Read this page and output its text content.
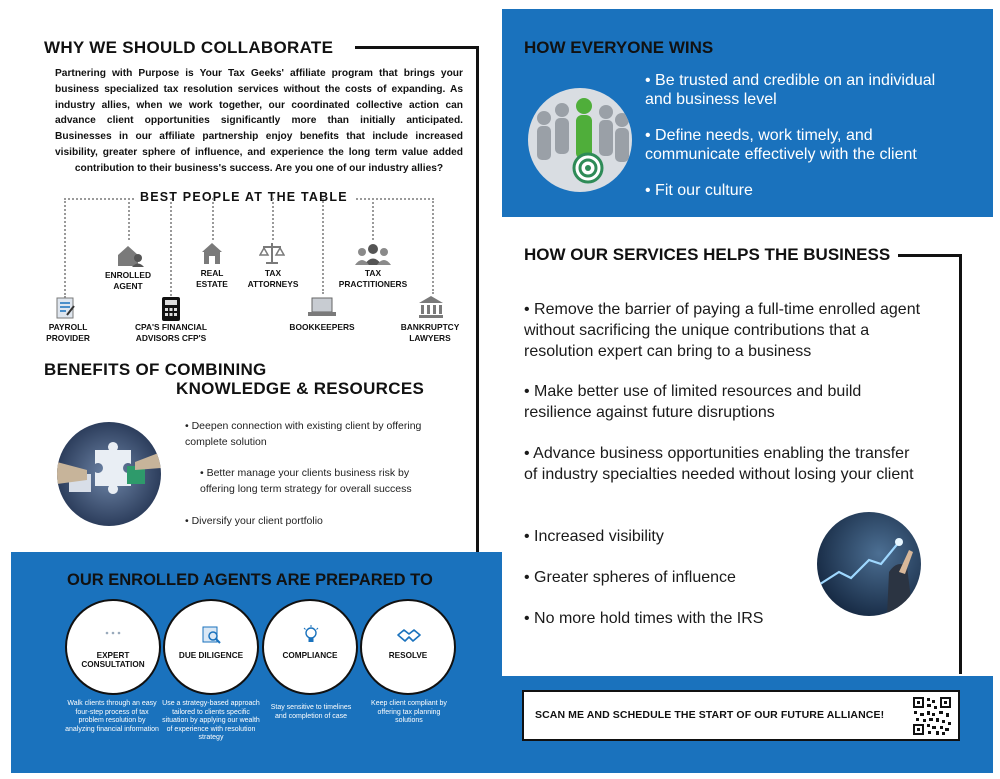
WHY WE SHOULD COLLABORATE
Partnering with Purpose is Your Tax Geeks' affiliate program that brings your business specialized tax resolution services without the costs of expanding. As industry allies, when we work together, our coordinated collective action can advance client opportunities significantly more than initially anticipated. Businesses in our affiliate partnership enjoy benefits that include increased visibility, greater sphere of influence, and experience the long term value added contribution to their business's success. Are you one of our industry allies?
BEST PEOPLE AT THE TABLE
ENROLLED AGENT
REAL ESTATE
TAX ATTORNEYS
TAX PRACTITIONERS
PAYROLL PROVIDER
CPA'S FINANCIAL ADVISORS CFP'S
BOOKKEEPERS	BANKRUPTCY LAWYERS
BENEFITS OF COMBINING
KNOWLEDGE & RESOURCES
• Deepen connection with existing client by offering complete solution
• Better manage your clients business risk by offering long term strategy for overall success
• Diversify your client portfolio
OUR ENROLLED AGENTS ARE PREPARED TO
EXPERT CONSULTATION
DUE DILIGENCE	COMPLIANCE	RESOLVE
Walk clients through an easy four-step process of tax problem resolution by analyzing financial information
Use a strategy-based approach tailored to clients specific situation by applying our wealth of experience with resolution strategy
Stay sensitive to timelines and completion of case
Keep client compliant by offering tax planning solutions
HOW EVERYONE WINS
• Be trusted and credible on an individual and business level
• Define needs, work timely, and communicate effectively with the client
• Fit our culture
HOW OUR SERVICES HELPS THE BUSINESS
• Remove the barrier of paying a full-time enrolled agent without sacrificing the unique contributions that a resolution expert can bring to a business
• Make better use of limited resources and build resilience against future disruptions
• Advance business opportunities enabling the transfer of industry specialties needed without losing your client
• Increased visibility
• Greater spheres of influence
• No more hold times with the IRS
SCAN ME AND SCHEDULE THE START OF OUR FUTURE ALLIANCE!
